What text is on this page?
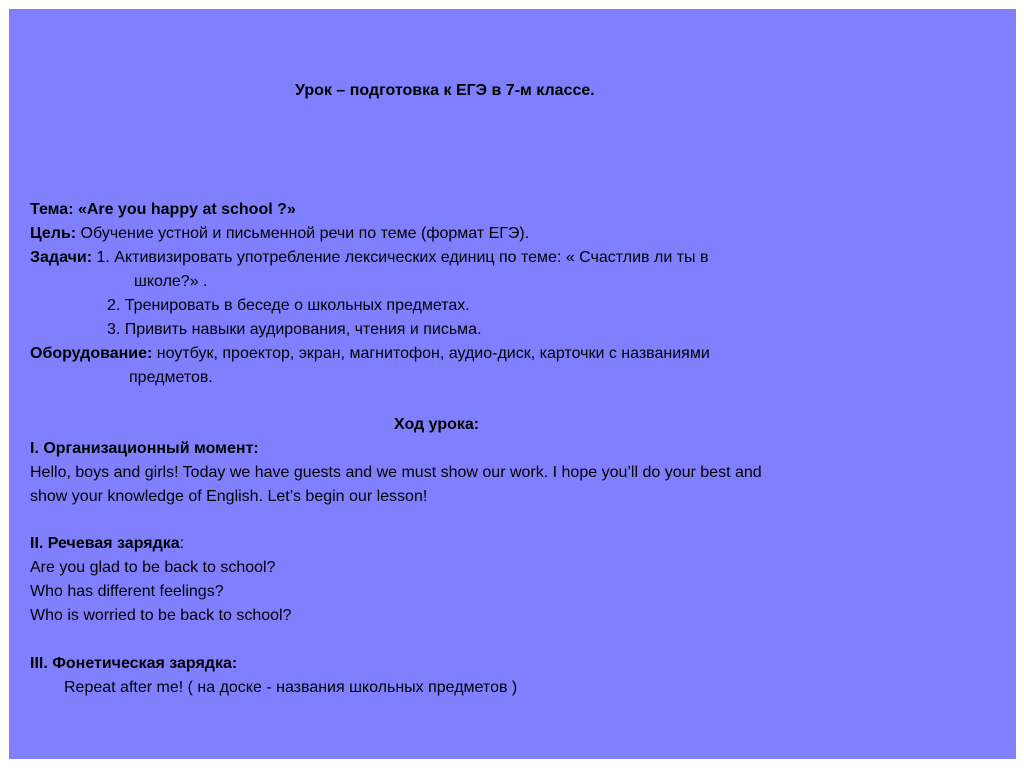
Урок – подготовка к ЕГЭ в 7-м классе.
Тема: «Are you happy at school ?»
Цель: Обучение устной и письменной речи по теме (формат ЕГЭ).
Задачи: 1. Активизировать употребление лексических единиц по теме: « Счастлив ли ты в
школе?» .
2. Тренировать в беседе о школьных предметах.
3. Привить навыки аудирования, чтения и письма.
Оборудование: ноутбук, проектор, экран, магнитофон, аудио-диск, карточки с названиями
предметов.
Ход урока:
I. Организационный момент:
Hello, boys and girls! Today we have guests and we must show our work. I hope you’ll do your best and
show your knowledge of English. Let’s begin our lesson!
II. Речевая зарядка:
Are you glad to be back to school?
Who has different feelings?
Who is worried to be back to school?
III. Фонетическая зарядка:
Repeat after me! ( на доске - названия школьных предметов )
